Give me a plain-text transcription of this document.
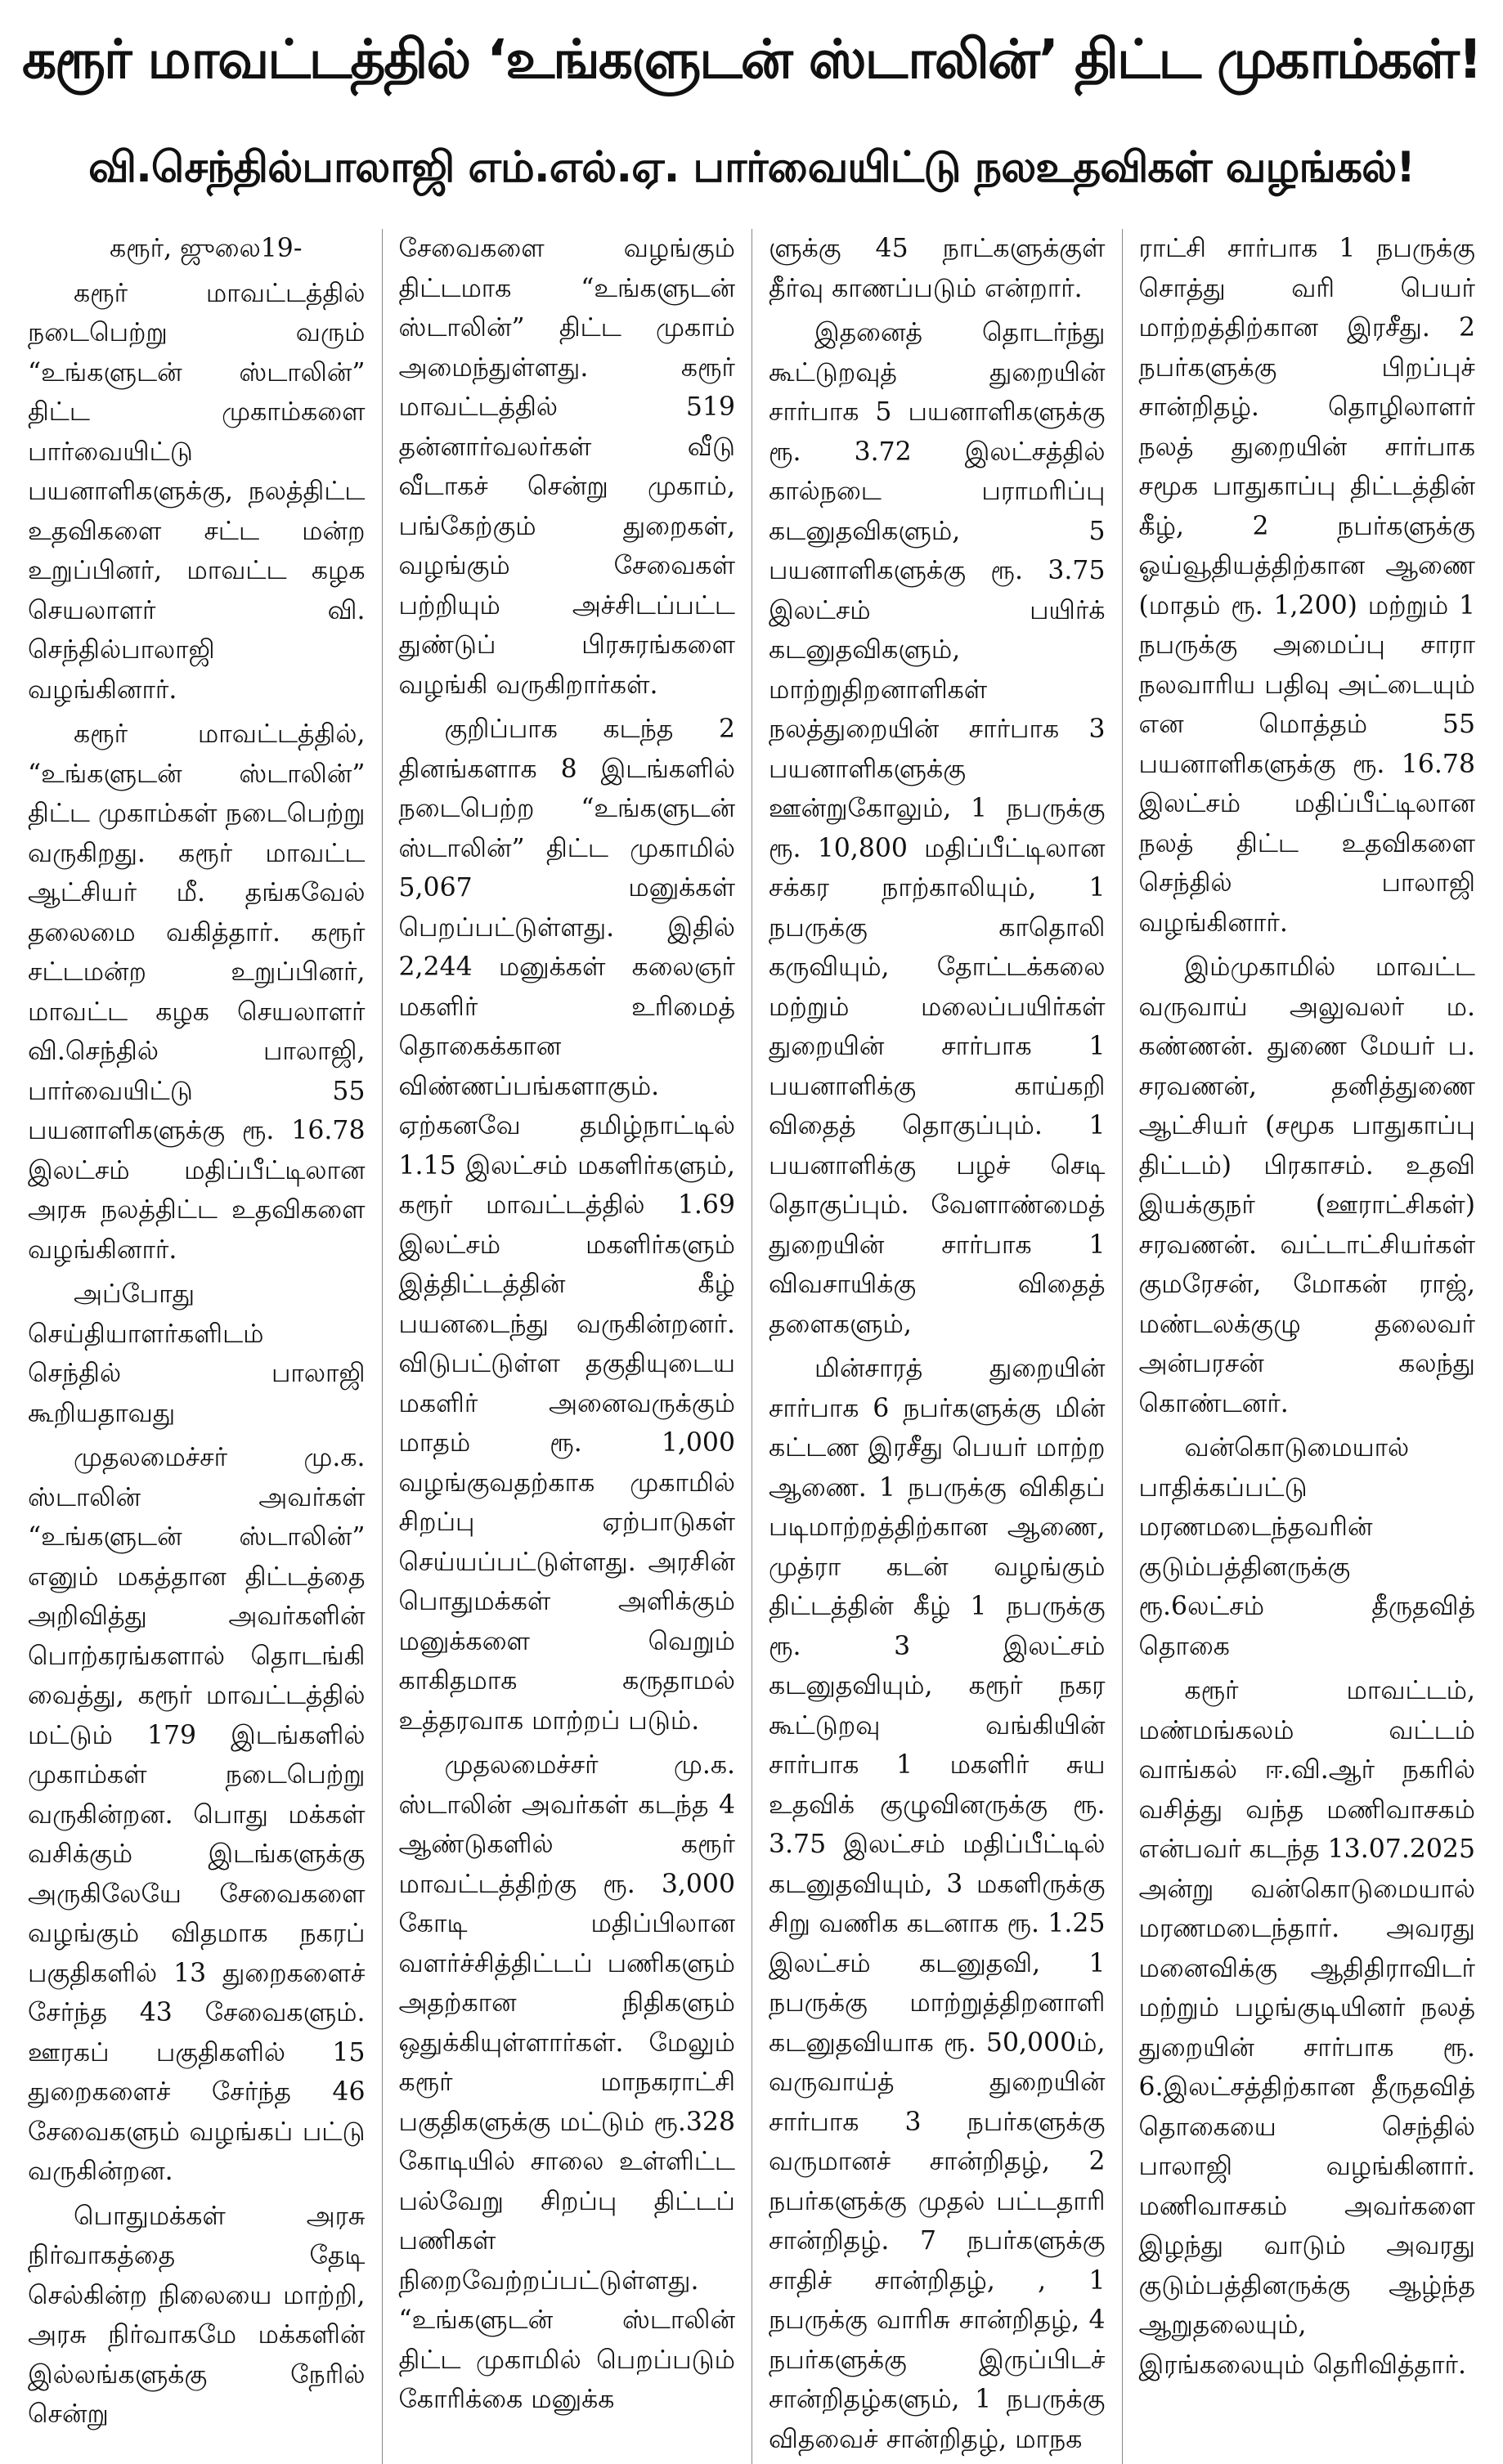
கரூர் மாவட்டத்தில் ‘உங்களுடன் ஸ்டாலின்’ திட்ட முகாம்கள்!
வி.செந்தில்பாலாஜி எம்.எல்.ஏ. பார்வையிட்டு நலஉதவிகள் வழங்கல்!

கரூர், ஜுலை19-

கரூர் மாவட்டத்தில் நடைபெற்று வரும் “உங்களுடன் ஸ்டாலின்” திட்ட முகாம்களை பார்வையிட்டு பயனாளிகளுக்கு, நலத்திட்ட உதவிகளை சட்ட மன்ற உறுப்பினர், மாவட்ட கழக செயலாளர் வி. செந்தில்பாலாஜி வழங்கினார்.

கரூர் மாவட்டத்தில், “உங்களுடன் ஸ்டாலின்” திட்ட முகாம்கள் நடைபெற்று வருகிறது. கரூர் மாவட்ட ஆட்சியர் மீ. தங்கவேல் தலைமை வகித்தார். கரூர் சட்டமன்ற உறுப்பினர், மாவட்ட கழக செயலாளர் வி.செந்தில் பாலாஜி, பார்வையிட்டு 55 பயனாளிகளுக்கு ரூ. 16.78 இலட்சம் மதிப்பீட்டிலான அரசு நலத்திட்ட உதவிகளை வழங்கினார்.

அப்போது செய்தியாளர்களிடம் செந்தில் பாலாஜி கூறியதாவது

முதலமைச்சர் மு.க. ஸ்டாலின் அவர்கள் “உங்களுடன் ஸ்டாலின்” எனும் மகத்தான திட்டத்தை அறிவித்து அவர்களின் பொற்கரங்களால் தொடங்கி வைத்து, கரூர் மாவட்டத்தில் மட்டும் 179 இடங்களில் முகாம்கள் நடைபெற்று வருகின்றன. பொது மக்கள் வசிக்கும் இடங்களுக்கு அருகிலேயே சேவைகளை வழங்கும் விதமாக நகரப் பகுதிகளில் 13 துறைகளைச் சேர்ந்த 43 சேவைகளும். ஊரகப் பகுதிகளில் 15 துறைகளைச் சேர்ந்த 46 சேவைகளும் வழங்கப் பட்டு வருகின்றன.

பொதுமக்கள் அரசு நிர்வாகத்தை தேடி செல்கின்ற நிலையை மாற்றி, அரசு நிர்வாகமே மக்களின் இல்லங்களுக்கு நேரில் சென்று

சேவைகளை வழங்கும் திட்டமாக “உங்களுடன் ஸ்டாலின்” திட்ட முகாம் அமைந்துள்ளது. கரூர் மாவட்டத்தில் 519 தன்னார்வலர்கள் வீடு வீடாகச் சென்று முகாம், பங்கேற்கும் துறைகள், வழங்கும் சேவைகள் பற்றியும் அச்சிடப்பட்ட துண்டுப் பிரசுரங்களை வழங்கி வருகிறார்கள்.

குறிப்பாக கடந்த 2 தினங்களாக 8 இடங்களில் நடைபெற்ற “உங்களுடன் ஸ்டாலின்” திட்ட முகாமில் 5,067 மனுக்கள் பெறப்பட்டுள்ளது. இதில் 2,244 மனுக்கள் கலைஞர் மகளிர் உரிமைத் தொகைக்கான விண்ணப்பங்களாகும். ஏற்கனவே தமிழ்நாட்டில் 1.15 இலட்சம் மகளிர்களும், கரூர் மாவட்டத்தில் 1.69 இலட்சம் மகளிர்களும் இத்திட்டத்தின் கீழ் பயனடைந்து வருகின்றனர். விடுபட்டுள்ள தகுதியுடைய மகளிர் அனைவருக்கும் மாதம் ரூ. 1,000 வழங்குவதற்காக முகாமில் சிறப்பு ஏற்பாடுகள் செய்யப்பட்டுள்ளது. அரசின் பொதுமக்கள் அளிக்கும் மனுக்களை வெறும் காகிதமாக கருதாமல் உத்தரவாக மாற்றப் படும்.

முதலமைச்சர் மு.க. ஸ்டாலின் அவர்கள் கடந்த 4 ஆண்டுகளில் கரூர் மாவட்டத்திற்கு ரூ. 3,000 கோடி மதிப்பிலான வளர்ச்சித்திட்டப் பணிகளும் அதற்கான நிதிகளும் ஒதுக்கியுள்ளார்கள். மேலும் கரூர் மாநகராட்சி பகுதிகளுக்கு மட்டும் ரூ.328 கோடியில் சாலை உள்ளிட்ட பல்வேறு சிறப்பு திட்டப் பணிகள் நிறைவேற்றப்பட்டுள்ளது. “உங்களுடன் ஸ்டாலின் திட்ட முகாமில் பெறப்படும் கோரிக்கை மனுக்க

ளுக்கு 45 நாட்களுக்குள் தீர்வு காணப்படும் என்றார்.

இதனைத் தொடர்ந்து கூட்டுறவுத் துறையின் சார்பாக 5 பயனாளிகளுக்கு ரூ. 3.72 இலட்சத்தில் கால்நடை பராமரிப்பு கடனுதவிகளும், 5 பயனாளிகளுக்கு ரூ. 3.75 இலட்சம் பயிர்க் கடனுதவிகளும், மாற்றுதிறனாளிகள் நலத்துறையின் சார்பாக 3 பயனாளிகளுக்கு ஊன்றுகோலும், 1 நபருக்கு ரூ. 10,800 மதிப்பீட்டிலான சக்கர நாற்காலியும், 1 நபருக்கு காதொலி கருவியும், தோட்டக்கலை மற்றும் மலைப்பயிர்கள் துறையின் சார்பாக 1 பயனாளிக்கு காய்கறி விதைத் தொகுப்பும். 1 பயனாளிக்கு பழச் செடி தொகுப்பும். வேளாண்மைத் துறையின் சார்பாக 1 விவசாயிக்கு விதைத் தளைகளும்,

மின்சாரத் துறையின் சார்பாக 6 நபர்களுக்கு மின் கட்டண இரசீது பெயர் மாற்ற ஆணை. 1 நபருக்கு விகிதப் படிமாற்றத்திற்கான ஆணை, முத்ரா கடன் வழங்கும் திட்டத்தின் கீழ் 1 நபருக்கு ரூ. 3 இலட்சம் கடனுதவியும், கரூர் நகர கூட்டுறவு வங்கியின் சார்பாக 1 மகளிர் சுய உதவிக் குழுவினருக்கு ரூ. 3.75 இலட்சம் மதிப்பீட்டில் கடனுதவியும், 3 மகளிருக்கு சிறு வணிக கடனாக ரூ. 1.25 இலட்சம் கடனுதவி, 1 நபருக்கு மாற்றுத்திறனாளி கடனுதவியாக ரூ. 50,000ம், வருவாய்த் துறையின் சார்பாக 3 நபர்களுக்கு வருமானச் சான்றிதழ், 2 நபர்களுக்கு முதல் பட்டதாரி சான்றிதழ். 7 நபர்களுக்கு சாதிச் சான்றிதழ், , 1 நபருக்கு வாரிசு சான்றிதழ், 4 நபர்களுக்கு இருப்பிடச் சான்றிதழ்களும், 1 நபருக்கு விதவைச் சான்றிதழ், மாநக

ராட்சி சார்பாக 1 நபருக்கு சொத்து வரி பெயர் மாற்றத்திற்கான இரசீது. 2 நபர்களுக்கு பிறப்புச் சான்றிதழ். தொழிலாளர் நலத் துறையின் சார்பாக சமூக பாதுகாப்பு திட்டத்தின் கீழ், 2 நபர்களுக்கு ஓய்வூதியத்திற்கான ஆணை (மாதம் ரூ. 1,200) மற்றும் 1 நபருக்கு அமைப்பு சாரா நலவாரிய பதிவு அட்டையும் என மொத்தம் 55 பயனாளிகளுக்கு ரூ. 16.78 இலட்சம் மதிப்பீட்டிலான நலத் திட்ட உதவிகளை செந்தில் பாலாஜி வழங்கினார்.

இம்முகாமில் மாவட்ட வருவாய் அலுவலர் ம. கண்ணன். துணை மேயர் ப. சரவணன், தனித்துணை ஆட்சியர் (சமூக பாதுகாப்பு திட்டம்) பிரகாசம். உதவி இயக்குநர் (ஊராட்சிகள்) சரவணன். வட்டாட்சியர்கள் குமரேசன், மோகன் ராஜ், மண்டலக்குழு தலைவர் அன்பரசன் கலந்து கொண்டனர்.

வன்கொடுமையால் பாதிக்கப்பட்டு மரணமடைந்தவரின் குடும்பத்தினருக்கு ரூ.6லட்சம் தீருதவித் தொகை

கரூர் மாவட்டம், மண்மங்கலம் வட்டம் வாங்கல் ஈ.வி.ஆர் நகரில் வசித்து வந்த மணிவாசகம் என்பவர் கடந்த 13.07.2025 அன்று வன்கொடுமையால் மரணமடைந்தார். அவரது மனைவிக்கு ஆதிதிராவிடர் மற்றும் பழங்குடியினர் நலத் துறையின் சார்பாக ரூ. 6.இலட்சத்திற்கான தீருதவித் தொகையை செந்தில் பாலாஜி வழங்கினார். மணிவாசகம் அவர்களை இழந்து வாடும் அவரது குடும்பத்தினருக்கு ஆழ்ந்த ஆறுதலையும், இரங்கலையும் தெரிவித்தார்.
